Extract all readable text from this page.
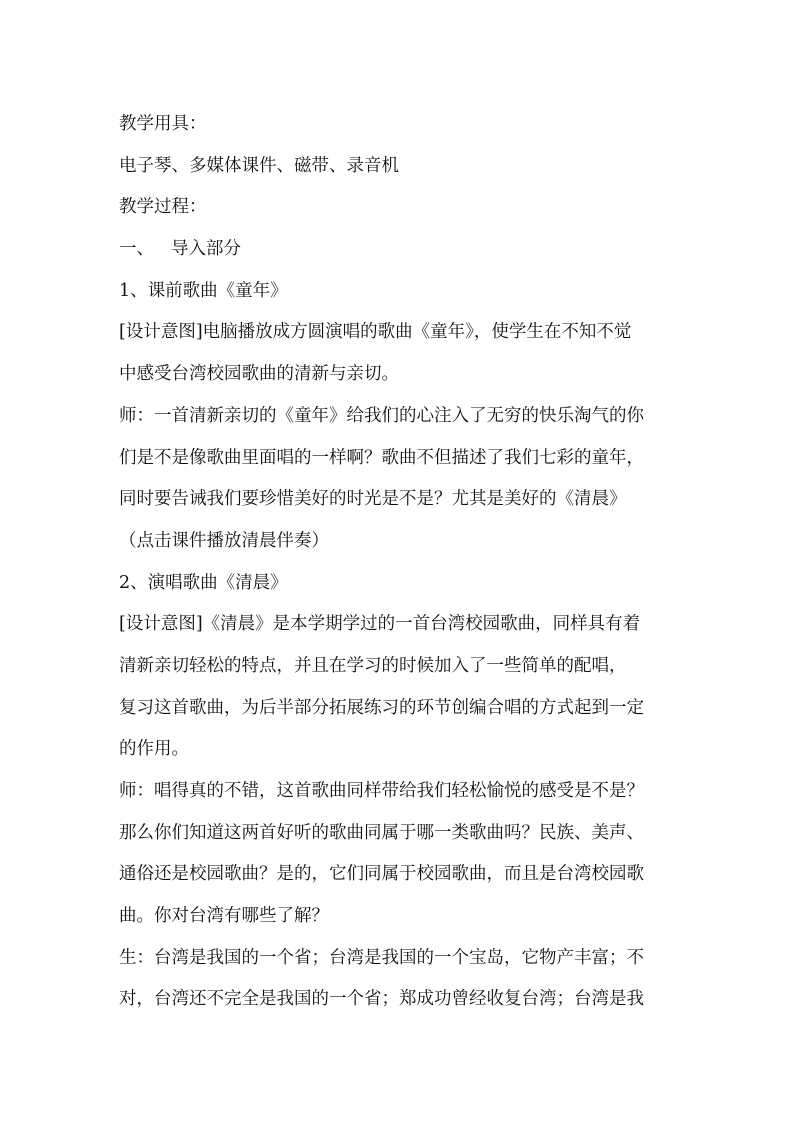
教学用具：
电子琴、多媒体课件、磁带、录音机
教学过程：
一、 导入部分
1、课前歌曲《童年》
[设计意图]电脑播放成方圆演唱的歌曲《童年》，使学生在不知不觉
中感受台湾校园歌曲的清新与亲切。
师：一首清新亲切的《童年》给我们的心注入了无穷的快乐淘气的你
们是不是像歌曲里面唱的一样啊？歌曲不但描述了我们七彩的童年，
同时要告诫我们要珍惜美好的时光是不是？尤其是美好的《清晨》
（点击课件播放清晨伴奏）
2、演唱歌曲《清晨》
[设计意图]《清晨》是本学期学过的一首台湾校园歌曲，同样具有着
清新亲切轻松的特点，并且在学习的时候加入了一些简单的配唱，
复习这首歌曲，为后半部分拓展练习的环节创编合唱的方式起到一定
的作用。
师：唱得真的不错，这首歌曲同样带给我们轻松愉悦的感受是不是？
那么你们知道这两首好听的歌曲同属于哪一类歌曲吗？民族、美声、
通俗还是校园歌曲？是的，它们同属于校园歌曲，而且是台湾校园歌
曲。你对台湾有哪些了解？
生：台湾是我国的一个省；台湾是我国的一个宝岛，它物产丰富；不
对，台湾还不完全是我国的一个省；郑成功曾经收复台湾；台湾是我
